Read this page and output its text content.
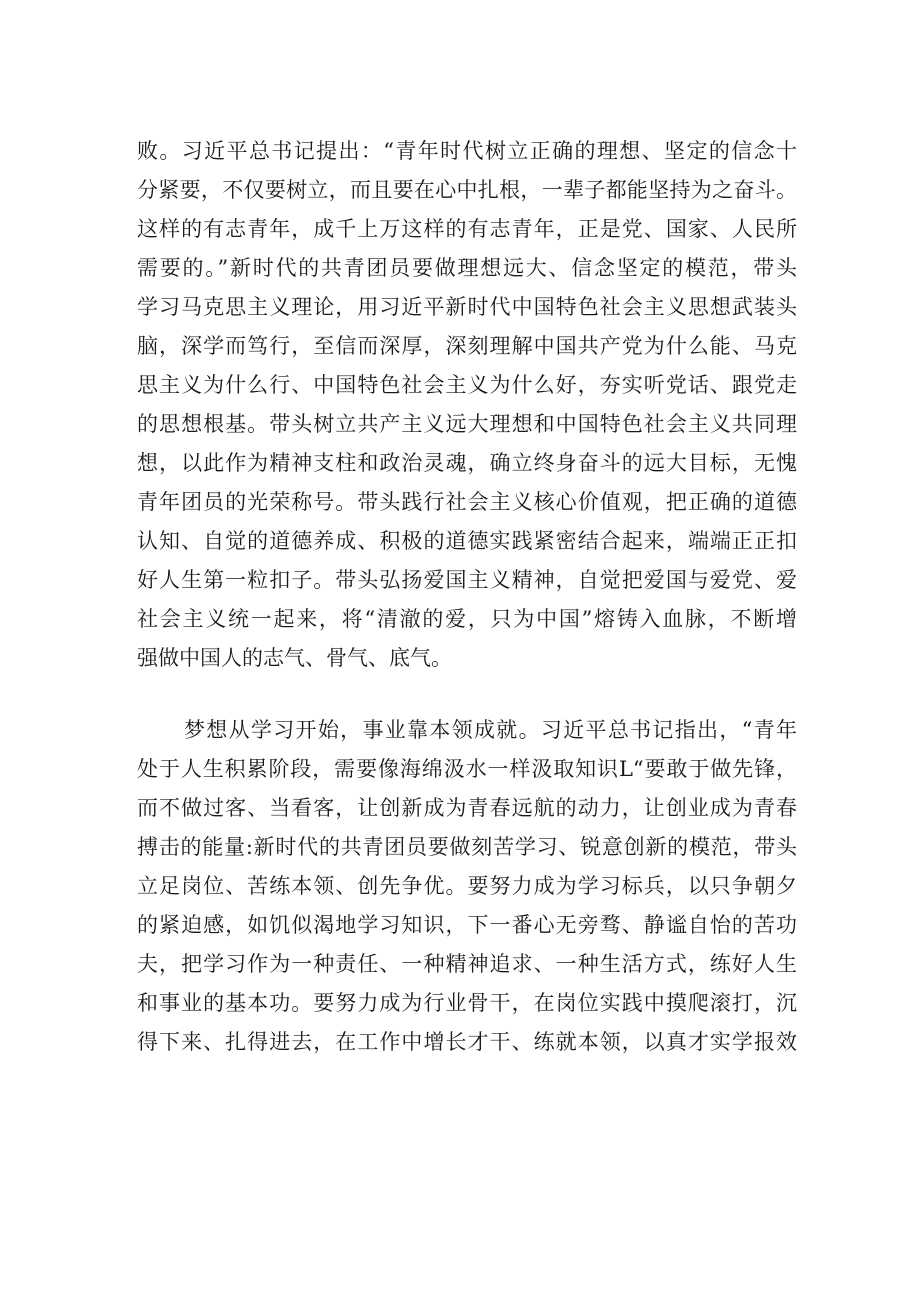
败。习近平总书记提出：“青年时代树立正确的理想、坚定的信念十
分紧要，不仅要树立，而且要在心中扎根，一辈子都能坚持为之奋斗。
这样的有志青年，成千上万这样的有志青年，正是党、国家、人民所
需要的。”新时代的共青团员要做理想远大、信念坚定的模范，带头
学习马克思主义理论，用习近平新时代中国特色社会主义思想武装头
脑，深学而笃行，至信而深厚，深刻理解中国共产党为什么能、马克
思主义为什么行、中国特色社会主义为什么好，夯实听党话、跟党走
的思想根基。带头树立共产主义远大理想和中国特色社会主义共同理
想，以此作为精神支柱和政治灵魂，确立终身奋斗的远大目标，无愧
青年团员的光荣称号。带头践行社会主义核心价值观，把正确的道德
认知、自觉的道德养成、积极的道德实践紧密结合起来，端端正正扣
好人生第一粒扣子。带头弘扬爱国主义精神，自觉把爱国与爱党、爱
社会主义统一起来，将“清澈的爱，只为中国”熔铸入血脉，不断增
强做中国人的志气、骨气、底气。
梦想从学习开始，事业靠本领成就。习近平总书记指出，“青年
处于人生积累阶段，需要像海绵汲水一样汲取知识L“要敢于做先锋，
而不做过客、当看客，让创新成为青春远航的动力，让创业成为青春
搏击的能量:新时代的共青团员要做刻苦学习、锐意创新的模范，带头
立足岗位、苦练本领、创先争优。要努力成为学习标兵，以只争朝夕
的紧迫感，如饥似渴地学习知识，下一番心无旁骛、静谧自怡的苦功
夫，把学习作为一种责任、一种精神追求、一种生活方式，练好人生
和事业的基本功。要努力成为行业骨干，在岗位实践中摸爬滚打，沉
得下来、扎得进去，在工作中增长才干、练就本领，以真才实学报效
